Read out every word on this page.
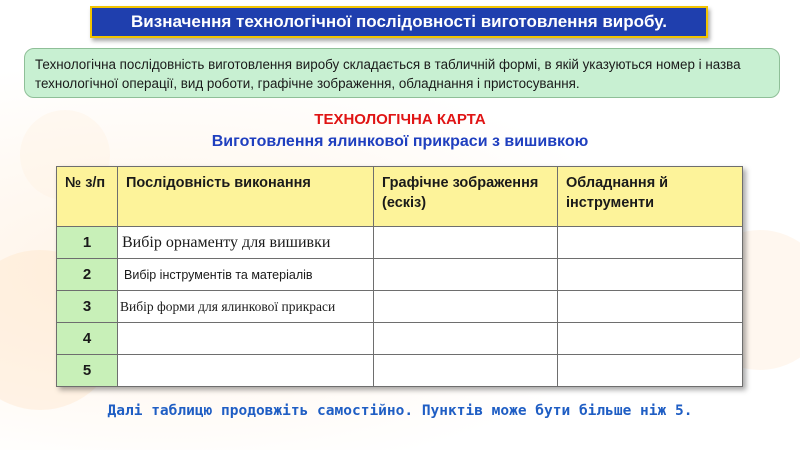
Визначення технологічної послідовності виготовлення виробу.
Технологічна послідовність виготовлення виробу складається в табличній формі, в якій указуються номер і назва технологічної операції, вид роботи, графічне зображення, обладнання і пристосування.
ТЕХНОЛОГІЧНА КАРТА
Виготовлення ялинкової прикраси з вишивкою
№ з/п	Послідовність виконання	Графічне зображення (ескіз)	Обладнання й інструменти
1	Вибір орнаменту для вишивки		
2	Вибір інструментів та матеріалів		
3	Вибір форми для ялинкової прикраси		
4			
5			
Далі таблицю продовжіть самостійно. Пунктів може бути більше ніж 5.
